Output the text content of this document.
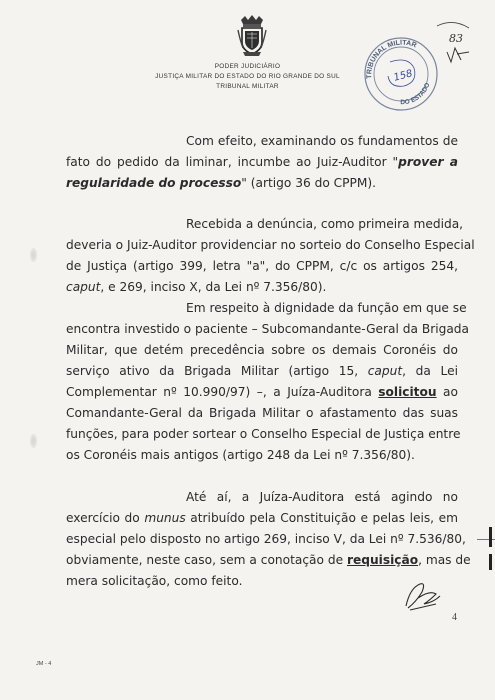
PODER JUDICIÁRIO
JUSTIÇA MILITAR DO ESTADO DO RIO GRANDE DO SUL
TRIBUNAL MILITAR
TRIBUNAL MILITAR
DO ESTADO
158
83
Com efeito, examinando os fundamentos de
fato do pedido da liminar, incumbe ao Juiz-Auditor "prover a
regularidade do processo" (artigo 36 do CPPM).
Recebida a denúncia, como primeira medida,
deveria o Juiz-Auditor providenciar no sorteio do Conselho Especial
de Justiça (artigo 399, letra "a", do CPPM, c/c os artigos 254,
caput, e 269, inciso X, da Lei nº 7.356/80).
Em respeito à dignidade da função em que se
encontra investido o paciente – Subcomandante-Geral da Brigada
Militar, que detém precedência sobre os demais Coronéis do
serviço ativo da Brigada Militar (artigo 15, caput, da Lei
Complementar nº 10.990/97) –, a Juíza-Auditora solicitou ao
Comandante-Geral da Brigada Militar o afastamento das suas
funções, para poder sortear o Conselho Especial de Justiça entre
os Coronéis mais antigos (artigo 248 da Lei nº 7.356/80).
Até aí, a Juíza-Auditora está agindo no
exercício do munus atribuído pela Constituição e pelas leis, em
especial pelo disposto no artigo 269, inciso V, da Lei nº 7.536/80,
obviamente, neste caso, sem a conotação de requisição, mas de
mera solicitação, como feito.
4
JM - 4
